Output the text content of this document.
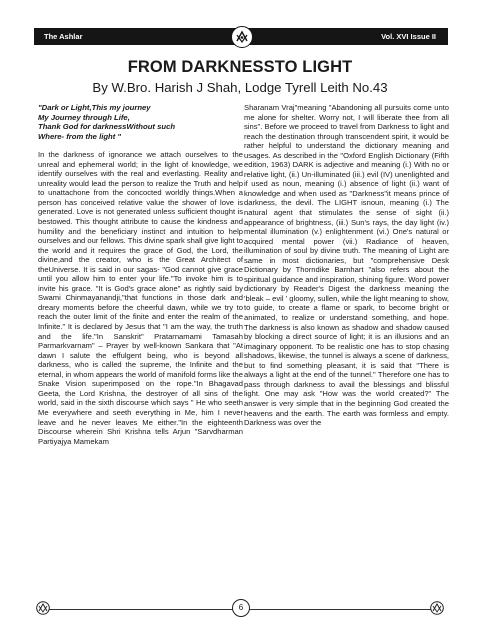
The Ashlar	Vol. XVI Issue II
FROM DARKNESSTO LIGHT
By W.Bro. Harish J Shah, Lodge Tyrell Leith No.43
"Dark or Light,This my journey
My Journey through Life,
Thank God for darknessWithout such
Where- from the light "

In the darkness of ignorance we attach ourselves to the unreal and ephemeral world; in the light of knowledge, we identify ourselves with the real and everlasting. Reality and unreality would lead the person to realize the Truth and help to unattachone from the concocted worldly things.When a person has conceived relative value the shower of love is generated. Love is not generated unless sufficient thought is bestowed. This thought attribute to cause the kindness and humility and the beneficiary instinct and intuition to help ourselves and our fellows. This divine spark shall give light to the world and it requires the grace of God, the Lord, the divine,and the creator, who is the Great Architect of theUniverse. It is said in our sagas- "God cannot give grace until you allow him to enter your life."To invoke him is to invite his grace. "It is God's grace alone" as rightly said by Swami Chinmayanandji,"that functions in those dark and dreary moments before the cheerful dawn, while we try to reach the outer limit of the finite and enter the realm of the Infinite." It is declared by Jesus that "I am the way, the truth and the life."In Sanskrit" Pratarnamami Tamasah Parmarkvarnam" – Prayer by well-known Sankara that "At dawn I salute the effulgent being, who is beyond all darkness, who is called the supreme, the Infinite and the eternal, in whom appears the world of manifold forms like the Snake Vision superimposed on the rope."In Bhagavad Geeta, the Lord Krishna, the destroyer of all sins of the world, said in the sixth discourse which says " He who seeth Me everywhere and seeth everything in Me, him I never leave and he never leaves Me either."In the eighteenth Discourse wherein Shri Krishna tells Arjun "Sarvdharman Partiyajya Mamekam

Sharanam Vraj"meaning "Abandoning all pursuits come unto me alone for shelter. Worry not, I will liberate thee from all sins". Before we proceed to travel from Darkness to light and reach the destination through transcendent spirit, it would be rather helpful to understand the dictionary meaning and usages. As described in the "Oxford English Dictionary (Fifth edition, 1963) DARK is adjective and meaning (i.) With no or relative light, (ii.) Un-illuminated (iii.) evil (IV) unenlighted and if used as noun, meaning (i.) absence of light (ii.) want of knowledge and when used as "Darkness"it means prince of darkness, the devil. The LIGHT isnoun, meaning (i.) The natural agent that stimulates the sense of sight (ii.) appearance of brightness, (iii.) Sun's rays, the day light (iv.) mental illumination (v.) enlightenment (vi.) One's natural or acquired mental power (vii.) Radiance of heaven, illumination of soul by divine truth. The meaning of Light are same in most dictionaries, but "comprehensive Desk Dictionary by Thorndike Barnhart "also refers about the spiritual guidance and inspiration, shining figure. Word power dictionary by Reader's Digest the darkness meaning the 'bleak – evil ' gloomy, sullen, while the light meaning to show, to guide, to create a flame or spark, to become bright or animated, to realize or understand something, and hope. The darkness is also known as shadow and shadow caused by blocking a direct source of light; it is an illusions and an imaginary opponent. To be realistic one has to stop chasing shadows, likewise, the tunnel is always a scene of darkness, but to find something pleasant, it is said that "There is always a light at the end of the tunnel." Therefore one has to pass through darkness to avail the blessings and blissful light. One may ask "How was the world created?" The answer is very simple that in the beginning God created the heavens and the earth. The earth was formless and empty. Darkness was over the

6
